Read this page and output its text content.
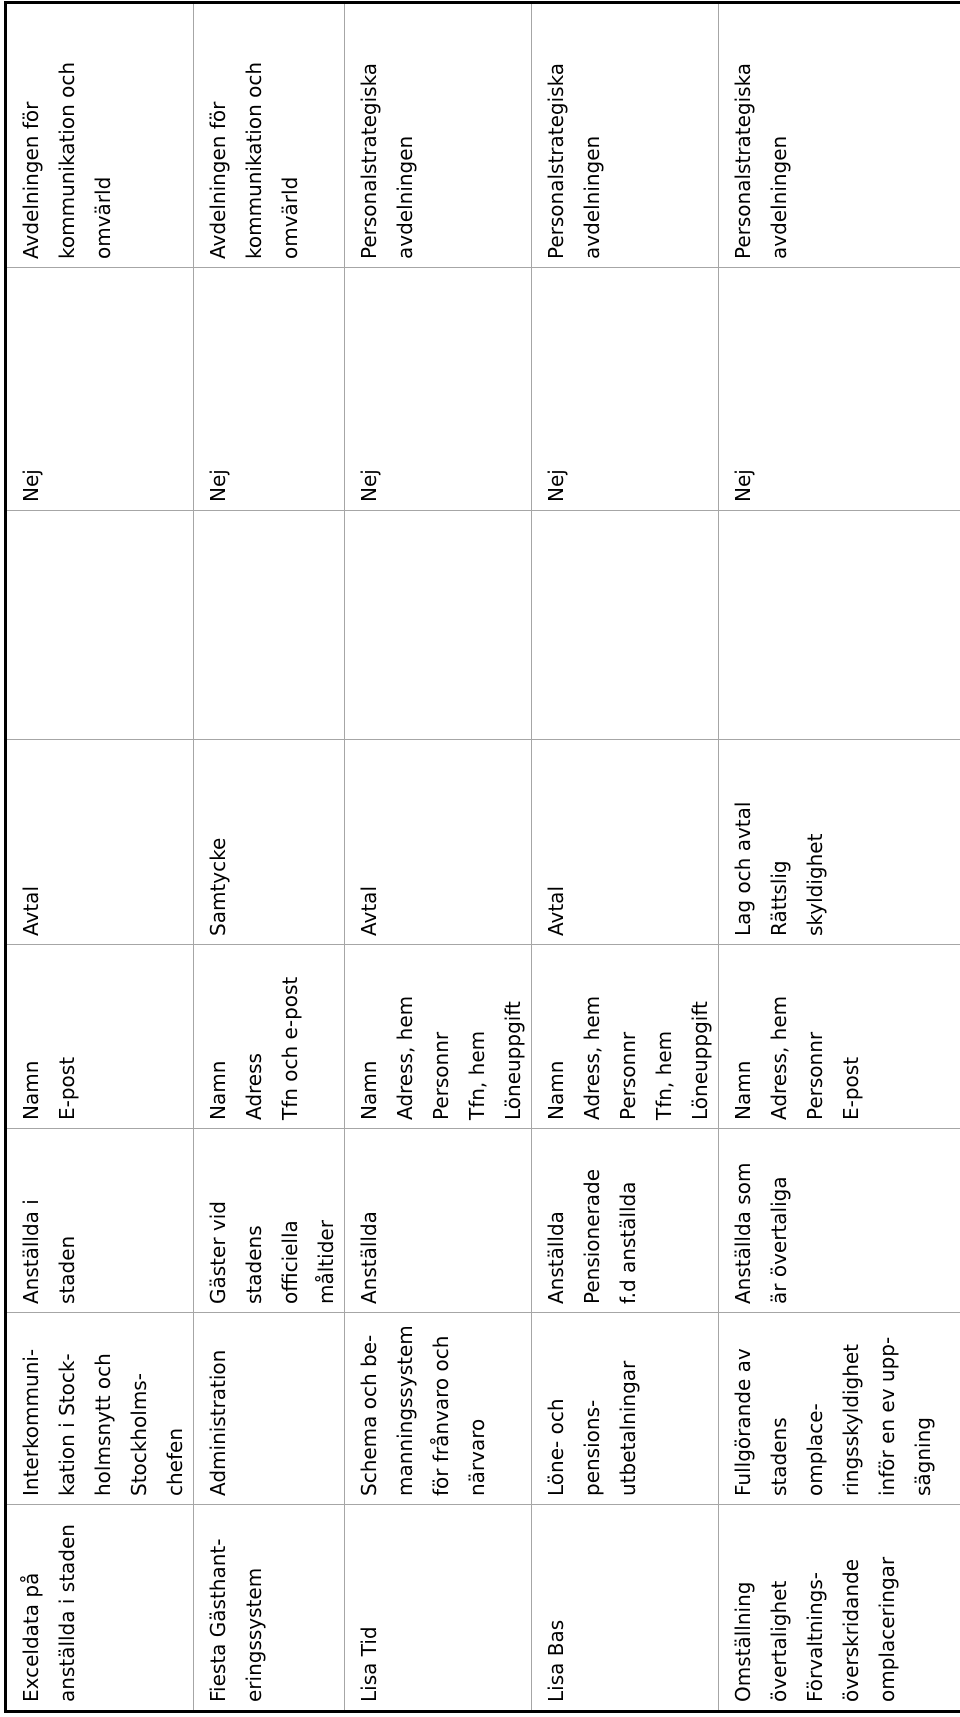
Exceldata på
anställda i staden	Interkommuni-
kation i Stock-
holmsnytt och
Stockholms-chefen	Anställda i
staden	Namn
E-post	Avtal		Nej	Avdelningen för
kommunikation och
omvärld
Fiesta Gästhant-
eringssystem	Administration	Gäster vid
stadens
officiella
måltider	Namn
Adress
Tfn och e-post	Samtycke		Nej	Avdelningen för
kommunikation och
omvärld
Lisa Tid	Schema och be-
manningssystem
för frånvaro och
närvaro	Anställda	Namn
Adress, hem
Personnr
Tfn, hem
Löneuppgift	Avtal		Nej	Personalstrategiska
avdelningen
Lisa Bas	Löne- och pensions-
utbetalningar	Anställda
Pensionerade
f.d anställda	Namn
Adress, hem
Personnr
Tfn, hem
Löneuppgift	Avtal		Nej	Personalstrategiska
avdelningen
Omställning
övertalighet
Förvaltnings-
överskridande
omplaceringar	Fullgörande av
stadens omplace-
ringsskyldighet
inför en ev upp-
sägning	Anställda som
är övertaliga	Namn
Adress, hem
Personnr
E-post	Lag och avtal
Rättslig
skyldighet		Nej	Personalstrategiska
avdelningen
